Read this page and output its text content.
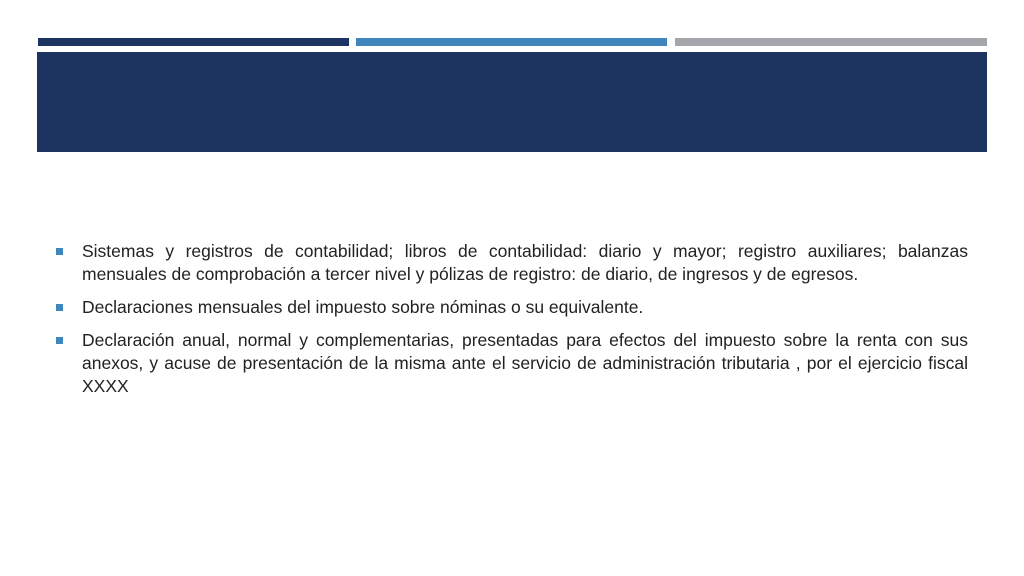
Sistemas y registros de contabilidad; libros de contabilidad: diario y mayor; registro auxiliares; balanzas mensuales de comprobación a tercer nivel y pólizas de registro: de diario, de ingresos y de egresos.
Declaraciones mensuales del impuesto sobre nóminas o su equivalente.
Declaración anual, normal y complementarias, presentadas para efectos del impuesto sobre la renta con sus anexos, y acuse de presentación de la misma ante el servicio de administración tributaria , por el ejercicio fiscal XXXX
